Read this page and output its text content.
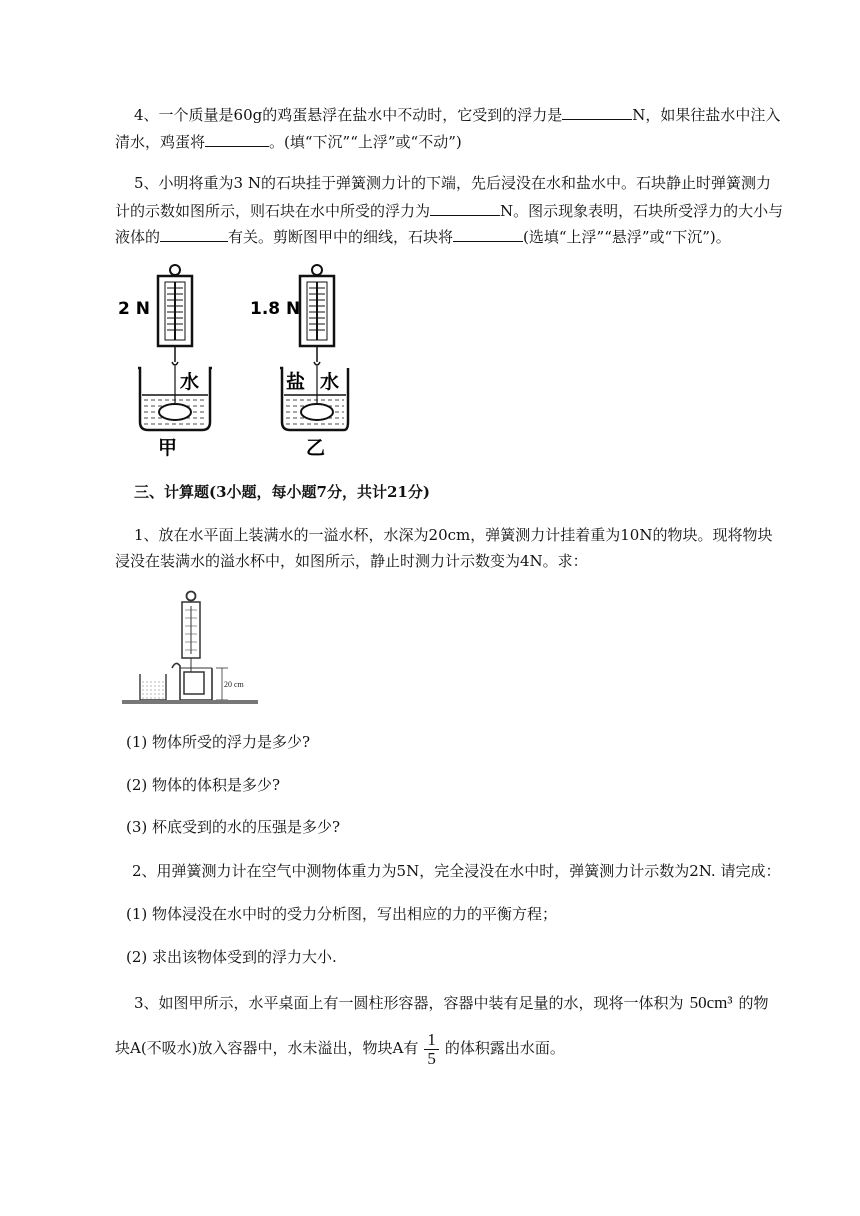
4、一个质量是60g的鸡蛋悬浮在盐水中不动时，它受到的浮力是	N，如果往盐水中注入
清水，鸡蛋将	。(填“下沉”“上浮”或“不动”)
5、小明将重为3 N的石块挂于弹簧测力计的下端，先后浸没在水和盐水中。石块静止时弹簧测力
计的示数如图所示，则石块在水中所受的浮力为	N。图示现象表明，石块所受浮力的大小与
液体的	有关。剪断图甲中的细线，石块将	(选填“上浮”“悬浮”或“下沉”)。
2 N
水
甲
1.8 N
盐 水
乙
三、计算题(3小题，每小题7分，共计21分)
1、放在水平面上装满水的一溢水杯，水深为20cm，弹簧测力计挂着重为10N的物块。现将物块
浸没在装满水的溢水杯中，如图所示，静止时测力计示数变为4N。求：
20 cm
(1) 物体所受的浮力是多少?
(2) 物体的体积是多少?
(3) 杯底受到的水的压强是多少?
2、用弹簧测力计在空气中测物体重力为5N，完全浸没在水中时，弹簧测力计示数为2N. 请完成：
(1) 物体浸没在水中时的受力分析图，写出相应的力的平衡方程；
(2) 求出该物体受到的浮力大小.
3、如图甲所示，水平桌面上有一圆柱形容器，容器中装有足量的水，现将一体积为 50cm³ 的物
块A(不吸水)放入容器中，水未溢出，物块A有 $\frac{1}{5}$ 的体积露出水面。
